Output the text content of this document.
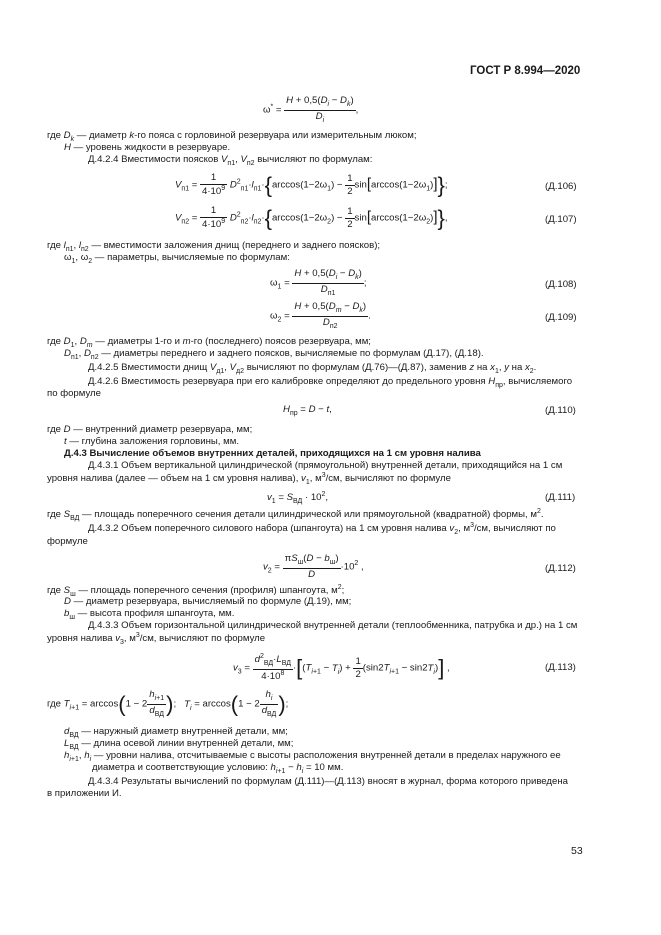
ГОСТ Р 8.994—2020
$\omega^* = \frac{H + 0,5(D_i - D_k)}{D_i}$ ,
где $D_k$ — диаметр k-го пояса с горловиной резервуара или измерительным люком;
H — уровень жидкости в резервуаре.
Д.4.2.4 Вместимости поясков $V_{п1}$, $V_{п2}$ вычисляют по формулам:
$V_{п1} = \frac{1}{4\cdot 10^9} D^2_{п1}\cdot l_{п1}\cdot\{\arccos(1-2\omega_1) - \frac{1}{2} \sin[\arccos(1-2\omega_1)]\}$;	(Д.106)
$V_{п2} = \frac{1}{4\cdot 10^9} D^2_{п2}\cdot l_{п2}\cdot\{\arccos(1-2\omega_2) - \frac{1}{2} \sin[\arccos(1-2\omega_2)]\}$,	(Д.107)
где $l_{п1}$, $l_{п2}$ — вместимости заложения днищ (переднего и заднего поясков);
$\omega_1$, $\omega_2$ — параметры, вычисляемые по формулам:
$\omega_1 = \frac{H + 0,5(D_i - D_k)}{D_{п1}}$ ;	(Д.108)
$\omega_2 = \frac{H + 0,5(D_m - D_k)}{D_{п2}}$ .	(Д.109)
где $D_1$, $D_m$ — диаметры 1-го и m-го (последнего) поясов резервуара, мм;
$D_{п1}$, $D_{п2}$ — диаметры переднего и заднего поясков, вычисляемые по формулам (Д.17), (Д.18).
Д.4.2.5 Вместимости днищ $V_{д1}$, $V_{д2}$ вычисляют по формулам (Д.76)—(Д.87), заменив z на $x_1$, y на $x_2$.
Д.4.2.6 Вместимость резервуара при его калибровке определяют до предельного уровня $H_{пр}$, вычисляемого
по формуле
$H_{пр} = D - t$,	(Д.110)
где D — внутренний диаметр резервуара, мм;
t — глубина заложения горловины, мм.
Д.4.3 Вычисление объемов внутренних деталей, приходящихся на 1 см уровня налива
Д.4.3.1 Объем вертикальной цилиндрической (прямоугольной) внутренней детали, приходящийся на 1 см
уровня налива (далее — объем на 1 см уровня налива), $v_1$, $м^3/см$, вычисляют по формуле
$v_1 = S_{ВД} \cdot 10^2$,	(Д.111)
где $S_{ВД}$ — площадь поперечного сечения детали цилиндрической или прямоугольной (квадратной) формы, $м^2$.
Д.4.3.2 Объем поперечного силового набора (шпангоута) на 1 см уровня налива $v_2$, $м^3/см$, вычисляют по
формуле
$v_2 = \frac{\pi S_ш(D - b_ш)}{D} \cdot 10^2$ ,	(Д.112)
где $S_ш$ — площадь поперечного сечения (профиля) шпангоута, $м^2$;
D — диаметр резервуара, вычисляемый по формуле (Д.19), мм;
$b_ш$ — высота профиля шпангоута, мм.
Д.4.3.3 Объем горизонтальной цилиндрической внутренней детали (теплообменника, патрубка и др.) на 1 см
уровня налива $v_3$, $м^3/см$, вычисляют по формуле
$v_3 = \frac{d^2_{ВД}\cdot L_{ВД}}{4\cdot 10^8} \cdot[(T_{i+1} - T_i) + \frac{1}{2} (\sin 2T_{i+1} - \sin 2T_i)]$ ,	(Д.113)
где $T_{i+1} = \arccos(1 - 2 \frac{h_{i+1}}{d_{ВД}}$ );   $T_i = \arccos(1 - 2 \frac{h_i}{d_{ВД}}$ );
$d_{ВД}$ — наружный диаметр внутренней детали, мм;
$L_{ВД}$ — длина осевой линии внутренней детали, мм;
$h_{i+1}$, $h_i$ — уровни налива, отсчитываемые с высоты расположения внутренней детали в пределах наружного ее
диаметра и соответствующие условию: $h_{i+1} - h_i = 10$ мм.
Д.4.3.4 Результаты вычислений по формулам (Д.111)—(Д.113) вносят в журнал, форма которого приведена
в приложении И.
53
